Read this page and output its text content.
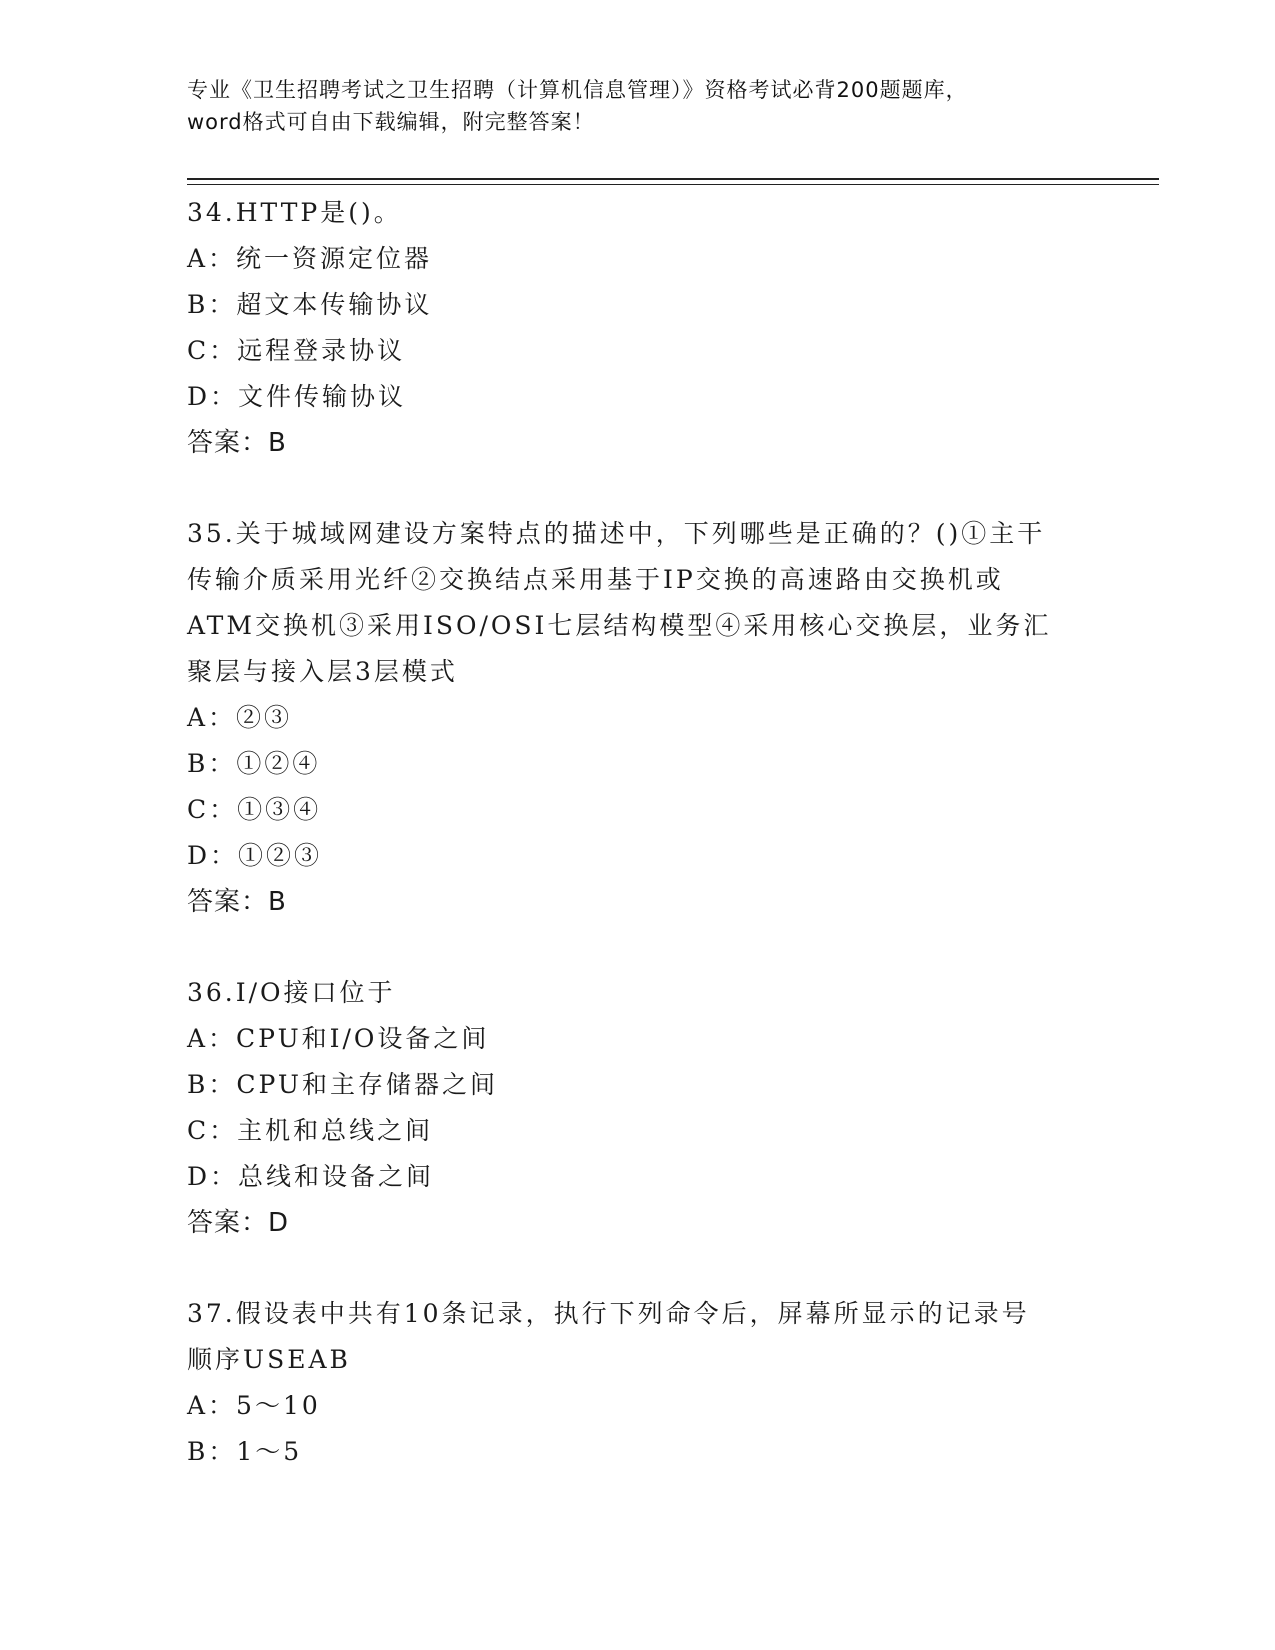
专业《卫生招聘考试之卫生招聘（计算机信息管理）》资格考试必背200题题库，
word格式可自由下载编辑，附完整答案！
34.HTTP是()。
A：统一资源定位器
B：超文本传输协议
C：远程登录协议
D：文件传输协议
答案：B
35.关于城域网建设方案特点的描述中，下列哪些是正确的？()①主干
传输介质采用光纤②交换结点采用基于IP交换的高速路由交换机或
ATM交换机③采用ISO/OSI七层结构模型④采用核心交换层，业务汇
聚层与接入层3层模式
A：②③
B：①②④
C：①③④
D：①②③
答案：B
36.I/O接口位于
A：CPU和I/O设备之间
B：CPU和主存储器之间
C：主机和总线之间
D：总线和设备之间
答案：D
37.假设表中共有10条记录，执行下列命令后，屏幕所显示的记录号
顺序USEAB
A：5～10
B：1～5
